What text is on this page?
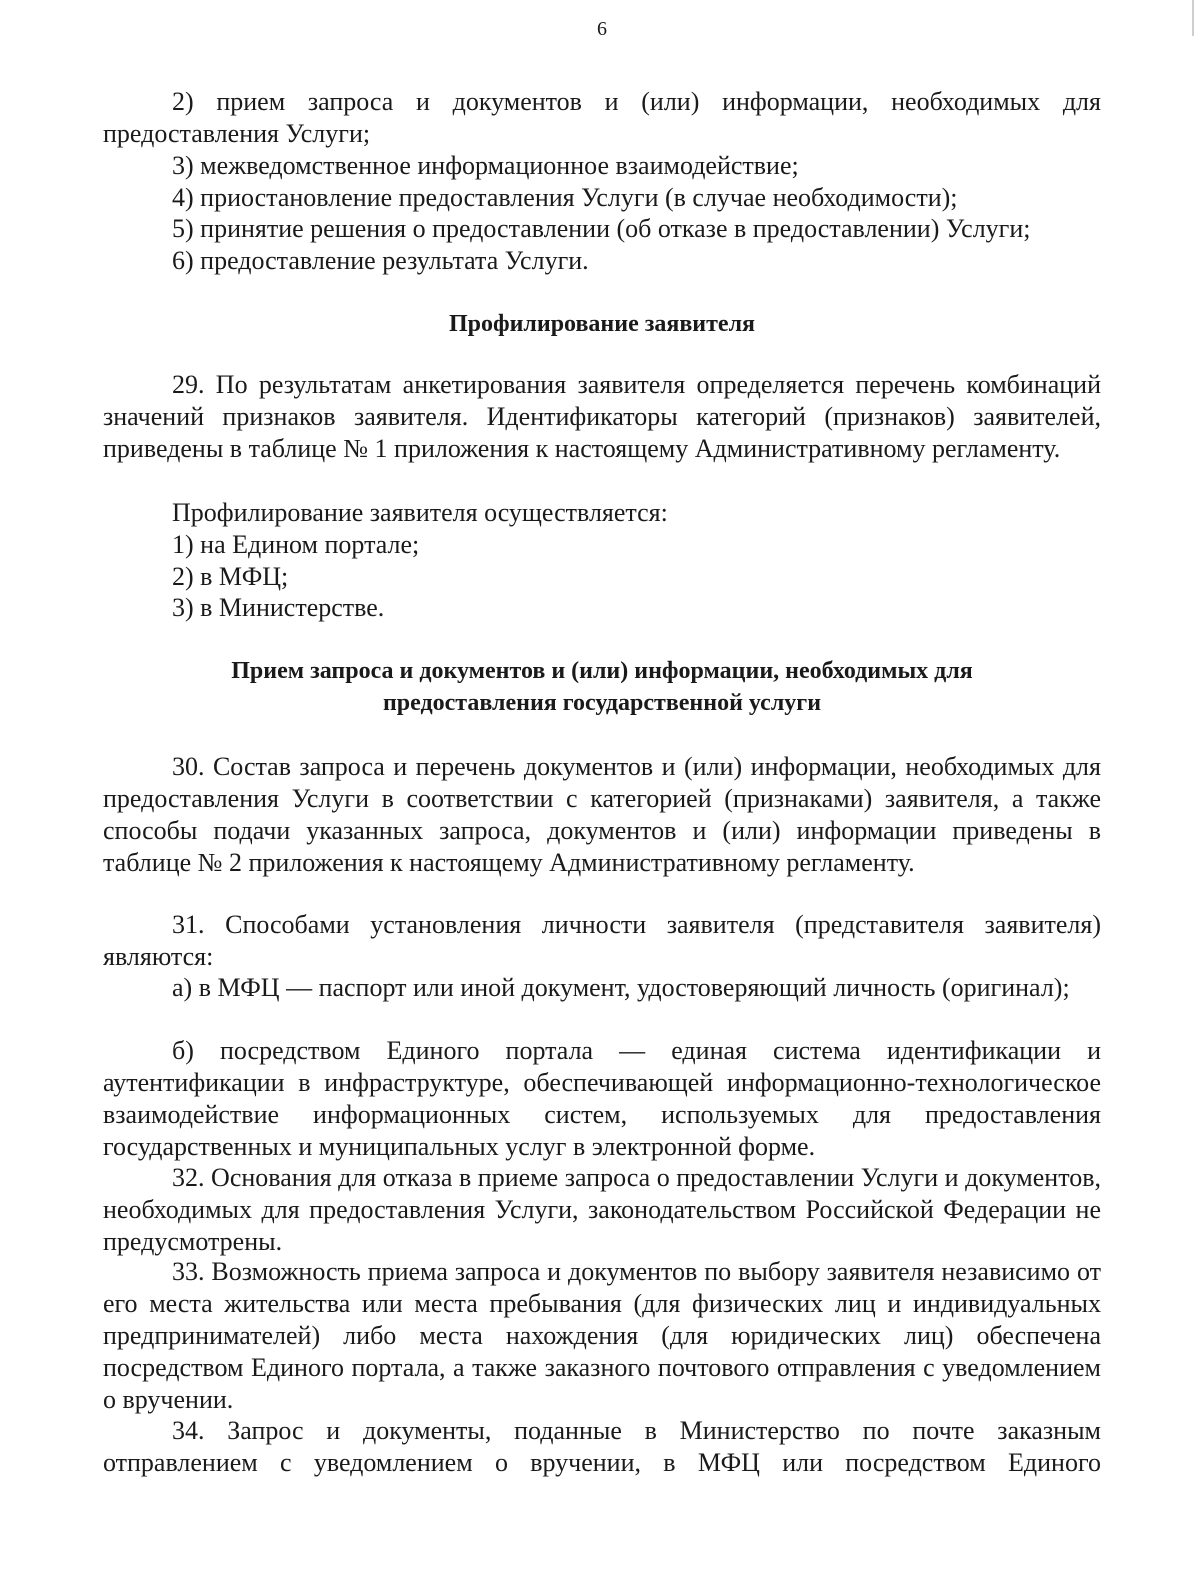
6

2) прием запроса и документов и (или) информации, необходимых для предоставления Услуги;

3) межведомственное информационное взаимодействие;

4) приостановление предоставления Услуги (в случае необходимости);

5) принятие решения о предоставлении (об отказе в предоставлении) Услуги;

6) предоставление результата Услуги.

Профилирование заявителя

29. По результатам анкетирования заявителя определяется перечень комбинаций значений признаков заявителя. Идентификаторы категорий (признаков) заявителей, приведены в таблице № 1 приложения к настоящему Административному регламенту.

Профилирование заявителя осуществляется:

1) на Едином портале;

2) в МФЦ;

3) в Министерстве.

Прием запроса и документов и (или) информации, необходимых для предоставления государственной услуги

30. Состав запроса и перечень документов и (или) информации, необходимых для предоставления Услуги в соответствии с категорией (признаками) заявителя, а также способы подачи указанных запроса, документов и (или) информации приведены в таблице № 2 приложения к настоящему Административному регламенту.

31. Способами установления личности заявителя (представителя заявителя) являются:

а) в МФЦ — паспорт или иной документ, удостоверяющий личность (оригинал);

б) посредством Единого портала — единая система идентификации и аутентификации в инфраструктуре, обеспечивающей информационно-технологическое взаимодействие информационных систем, используемых для предоставления государственных и муниципальных услуг в электронной форме.

32. Основания для отказа в приеме запроса о предоставлении Услуги и документов, необходимых для предоставления Услуги, законодательством Российской Федерации не предусмотрены.

33. Возможность приема запроса и документов по выбору заявителя независимо от его места жительства или места пребывания (для физических лиц и индивидуальных предпринимателей) либо места нахождения (для юридических лиц) обеспечена посредством Единого портала, а также заказного почтового отправления с уведомлением о вручении.

34. Запрос и документы, поданные в Министерство по почте заказным отправлением с уведомлением о вручении, в МФЦ или посредством Единого
